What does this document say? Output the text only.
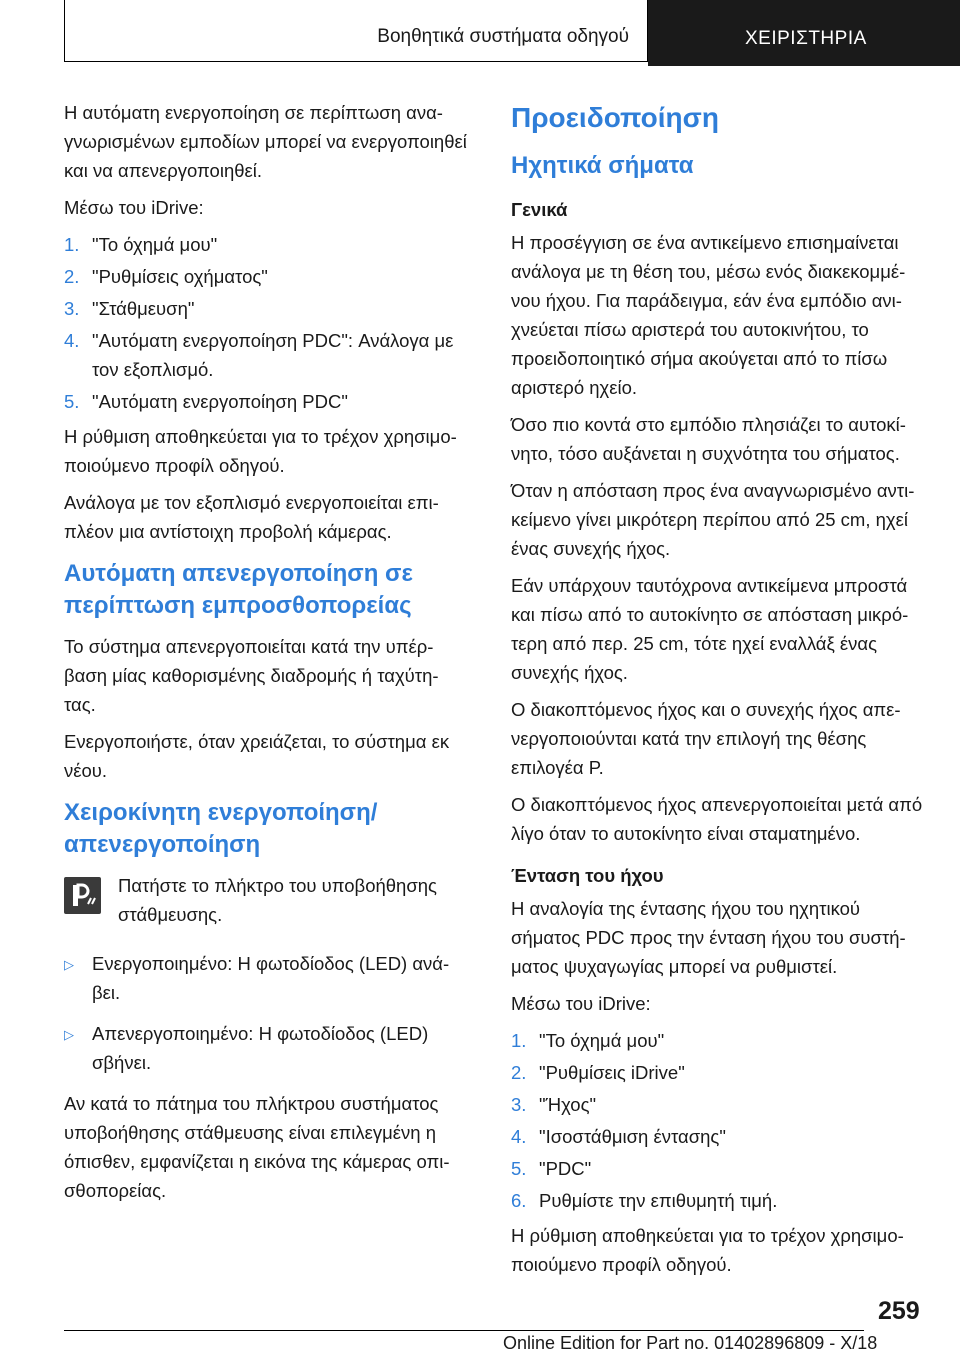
Βοηθητικά συστήματα οδηγού	ΧΕΙΡΙΣΤΗΡΙΑ

Η αυτόματη ενεργοποίηση σε περίπτωση ανα-γνωρισμένων εμποδίων μπορεί να ενεργοποιηθεί και να απενεργοποιηθεί.

Μέσω του iDrive:

1. "Το όχημά μου"
2. "Ρυθμίσεις οχήματος"
3. "Στάθμευση"
4. "Αυτόματη ενεργοποίηση PDC": Ανάλογα με τον εξοπλισμό.
5. "Αυτόματη ενεργοποίηση PDC"

Η ρύθμιση αποθηκεύεται για το τρέχον χρησιμο-ποιούμενο προφίλ οδηγού.

Ανάλογα με τον εξοπλισμό ενεργοποιείται επι-πλέον μια αντίστοιχη προβολή κάμερας.

Αυτόματη απενεργοποίηση σε περίπτωση εμπροσθοπορείας

Το σύστημα απενεργοποιείται κατά την υπέρ-βαση μίας καθορισμένης διαδρομής ή ταχύτη-τας.

Ενεργοποιήστε, όταν χρειάζεται, το σύστημα εκ νέου.

Χειροκίνητη ενεργοποίηση/απενεργοποίηση
Πατήστε το πλήκτρο του υποβοήθησης στάθμευσης.
▷ Ενεργοποιημένο: Η φωτοδίοδος (LED) ανά-βει.
▷ Απενεργοποιημένο: Η φωτοδίοδος (LED) σβήνει.

Αν κατά το πάτημα του πλήκτρου συστήματος υποβοήθησης στάθμευσης είναι επιλεγμένη η όπισθεν, εμφανίζεται η εικόνα της κάμερας οπι-σθοπορείας.

Προειδοποίηση
Ηχητικά σήματα
Γενικά

Η προσέγγιση σε ένα αντικείμενο επισημαίνεται ανάλογα με τη θέση του, μέσω ενός διακεκομμέ-νου ήχου. Για παράδειγμα, εάν ένα εμπόδιο ανι-χνεύεται πίσω αριστερά του αυτοκινήτου, το προειδοποιητικό σήμα ακούγεται από το πίσω αριστερό ηχείο.

Όσο πιο κοντά στο εμπόδιο πλησιάζει το αυτοκί-νητο, τόσο αυξάνεται η συχνότητα του σήματος.

Όταν η απόσταση προς ένα αναγνωρισμένο αντι-κείμενο γίνει μικρότερη περίπου από 25 cm, ηχεί ένας συνεχής ήχος.

Εάν υπάρχουν ταυτόχρονα αντικείμενα μπροστά και πίσω από το αυτοκίνητο σε απόσταση μικρό-τερη από περ. 25 cm, τότε ηχεί εναλλάξ ένας συνεχής ήχος.

Ο διακοπτόμενος ήχος και ο συνεχής ήχος απε-νεργοποιούνται κατά την επιλογή της θέσης επιλογέα P.

Ο διακοπτόμενος ήχος απενεργοποιείται μετά από λίγο όταν το αυτοκίνητο είναι σταματημένο.

Ένταση του ήχου

Η αναλογία της έντασης ήχου του ηχητικού σήματος PDC προς την ένταση ήχου του συστή-ματος ψυχαγωγίας μπορεί να ρυθμιστεί.

Μέσω του iDrive:

1. "Το όχημά μου"
2. "Ρυθμίσεις iDrive"
3. "Ήχος"
4. "Ισοστάθμιση έντασης"
5. "PDC"
6. Ρυθμίστε την επιθυμητή τιμή.

Η ρύθμιση αποθηκεύεται για το τρέχον χρησιμο-ποιούμενο προφίλ οδηγού.

259
Online Edition for Part no. 01402896809 - X/18
